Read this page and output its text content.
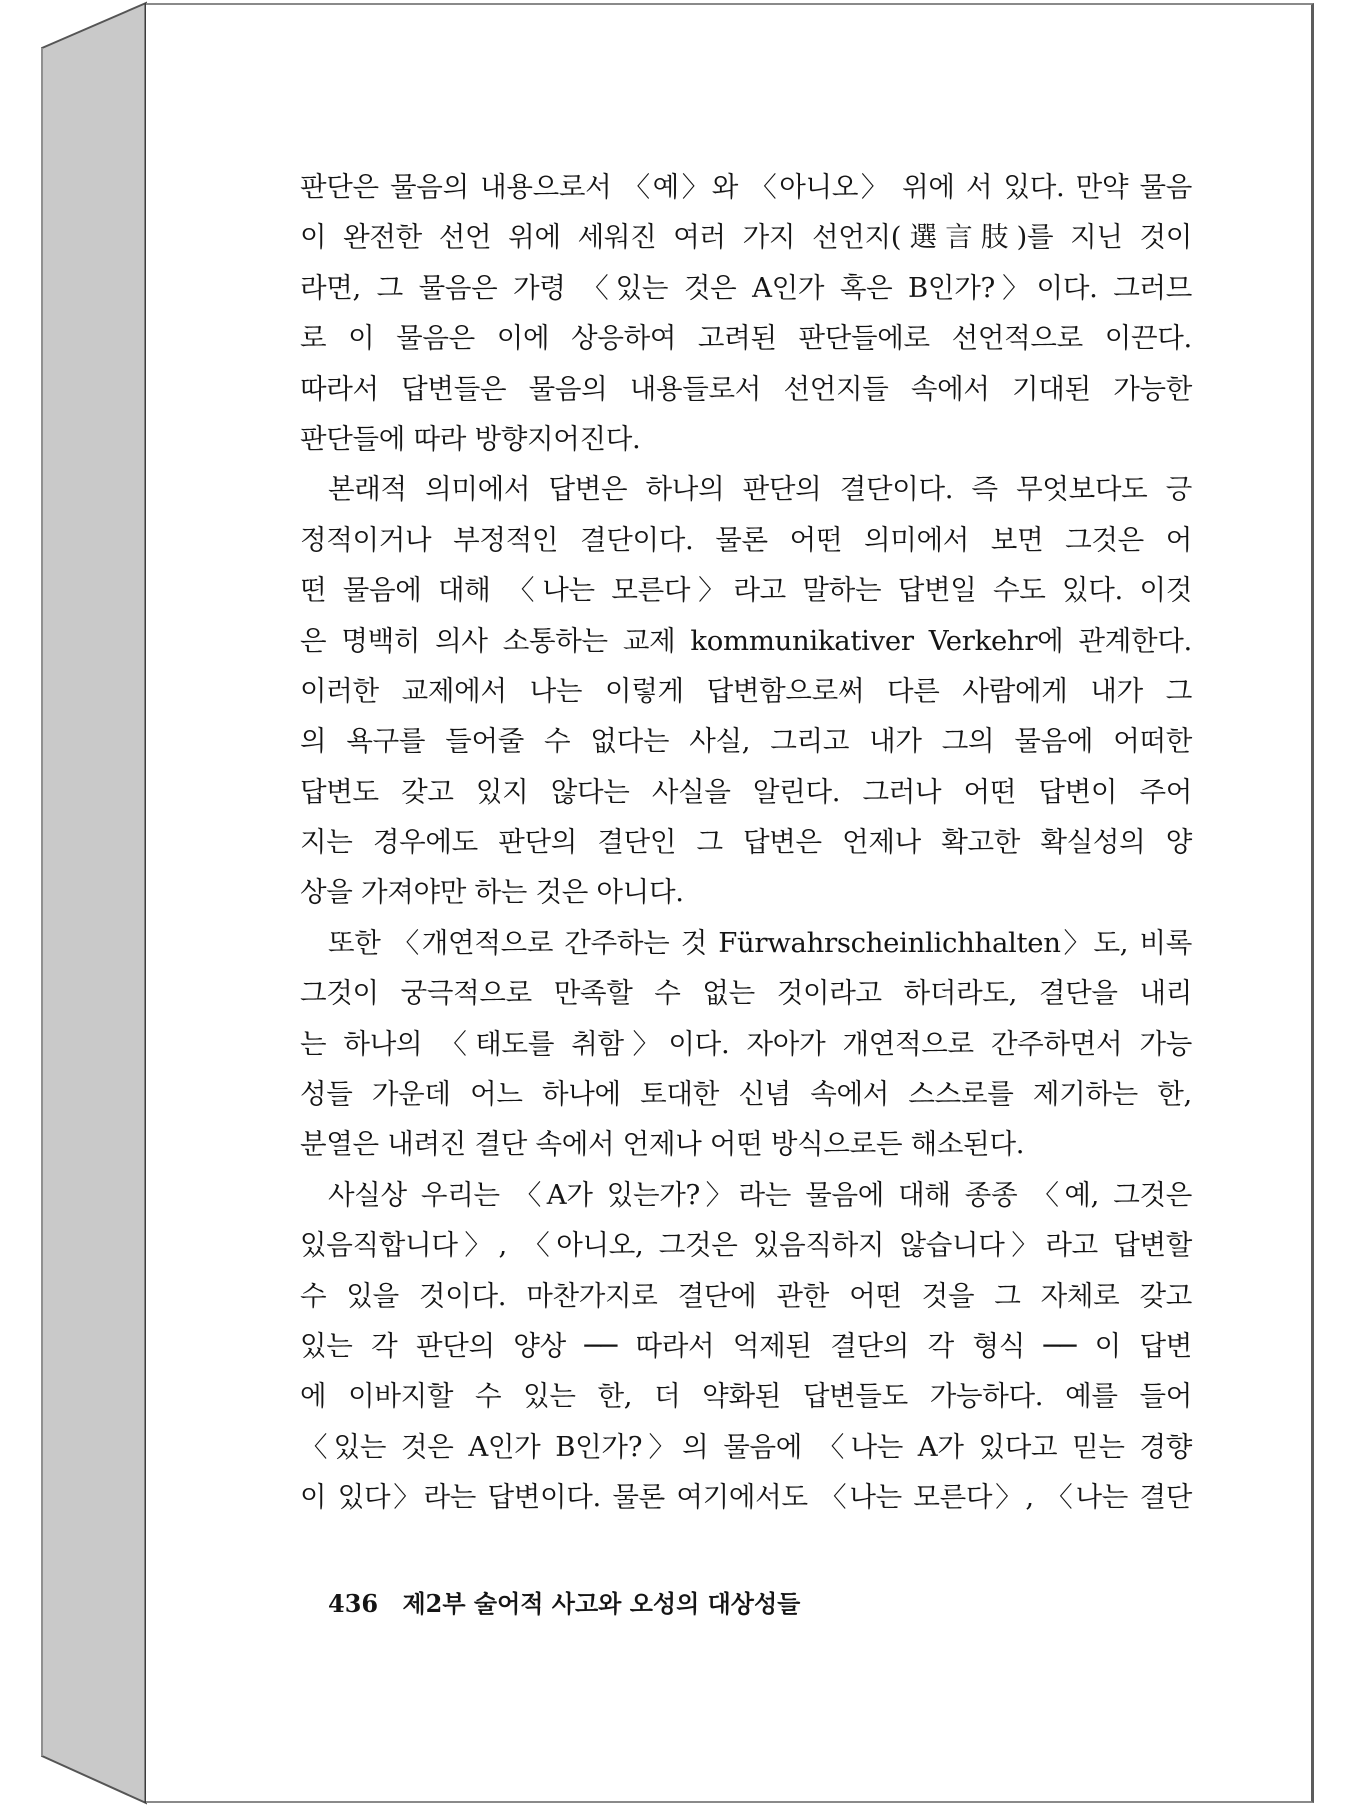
판단은 물음의 내용으로서 〈예〉와 〈아니오〉 위에 서 있다. 만약 물음
이 완전한 선언 위에 세워진 여러 가지 선언지(選言肢)를 지닌 것이
라면, 그 물음은 가령 〈있는 것은 A인가 혹은 B인가?〉이다. 그러므
로 이 물음은 이에 상응하여 고려된 판단들에로 선언적으로 이끈다.
따라서 답변들은 물음의 내용들로서 선언지들 속에서 기대된 가능한
판단들에 따라 방향지어진다.
본래적 의미에서 답변은 하나의 판단의 결단이다. 즉 무엇보다도 긍
정적이거나 부정적인 결단이다. 물론 어떤 의미에서 보면 그것은 어
떤 물음에 대해 〈나는 모른다〉라고 말하는 답변일 수도 있다. 이것
은 명백히 의사 소통하는 교제 kommunikativer Verkehr에 관계한다.
이러한 교제에서 나는 이렇게 답변함으로써 다른 사람에게 내가 그
의 욕구를 들어줄 수 없다는 사실, 그리고 내가 그의 물음에 어떠한
답변도 갖고 있지 않다는 사실을 알린다. 그러나 어떤 답변이 주어
지는 경우에도 판단의 결단인 그 답변은 언제나 확고한 확실성의 양
상을 가져야만 하는 것은 아니다.
또한 〈개연적으로 간주하는 것 Fürwahrscheinlichhalten〉도, 비록
그것이 궁극적으로 만족할 수 없는 것이라고 하더라도, 결단을 내리
는 하나의 〈태도를 취함〉이다. 자아가 개연적으로 간주하면서 가능
성들 가운데 어느 하나에 토대한 신념 속에서 스스로를 제기하는 한,
분열은 내려진 결단 속에서 언제나 어떤 방식으로든 해소된다.
사실상 우리는 〈A가 있는가?〉라는 물음에 대해 종종 〈예, 그것은
있음직합니다〉, 〈아니오, 그것은 있음직하지 않습니다〉라고 답변할
수 있을 것이다. 마찬가지로 결단에 관한 어떤 것을 그 자체로 갖고
있는 각 판단의 양상 ── 따라서 억제된 결단의 각 형식 ── 이 답변
에 이바지할 수 있는 한, 더 약화된 답변들도 가능하다. 예를 들어
〈있는 것은 A인가 B인가?〉의 물음에 〈나는 A가 있다고 믿는 경향
이 있다〉라는 답변이다. 물론 여기에서도 〈나는 모른다〉, 〈나는 결단
436 제2부 술어적 사고와 오성의 대상성들
